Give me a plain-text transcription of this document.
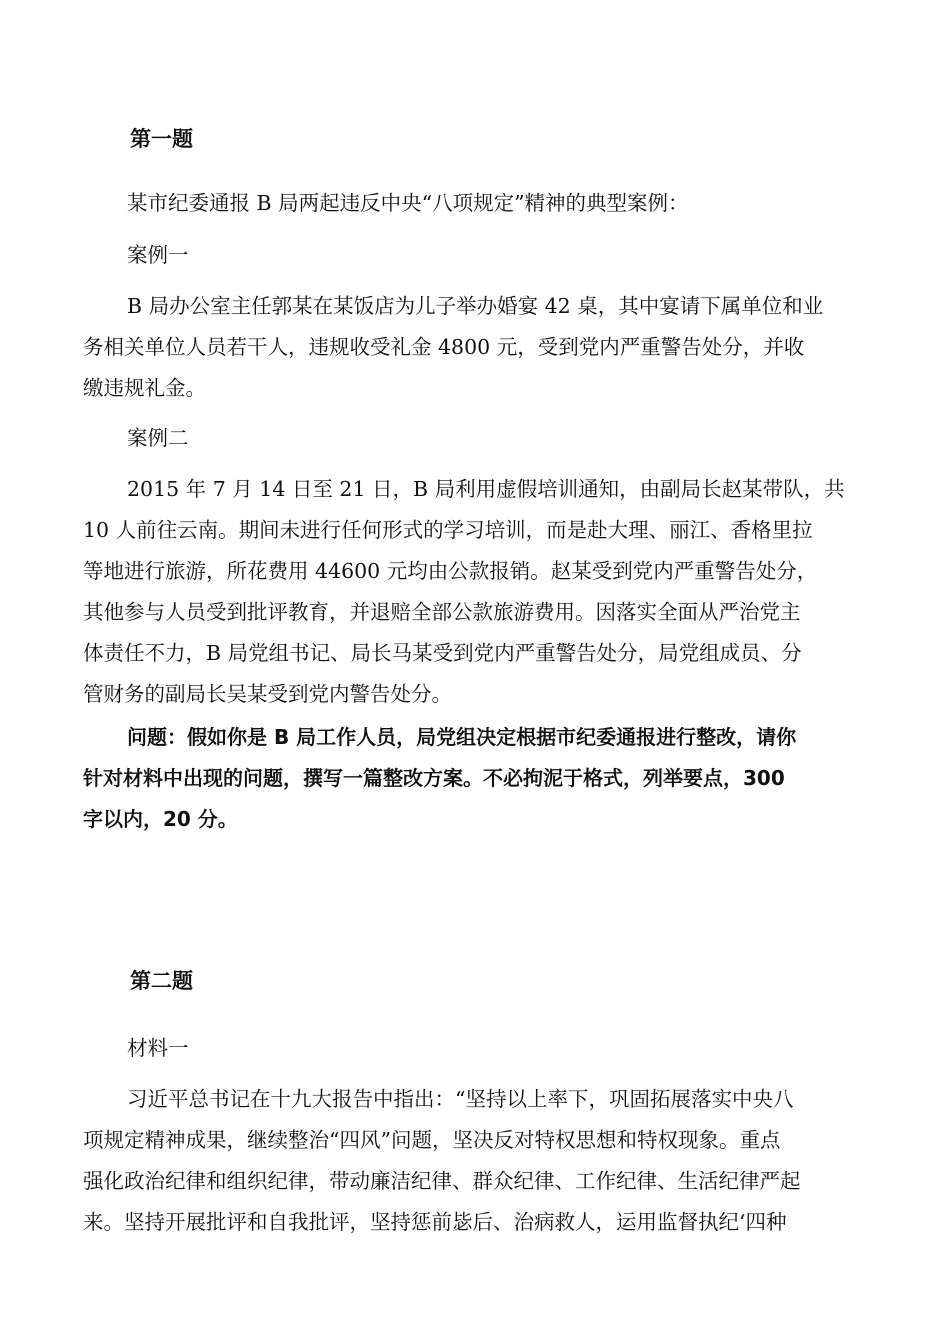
第一题

某市纪委通报 B 局两起违反中央“八项规定”精神的典型案例：

案例一

B 局办公室主任郭某在某饭店为儿子举办婚宴 42 桌，其中宴请下属单位和业

务相关单位人员若干人，违规收受礼金 4800 元，受到党内严重警告处分，并收

缴违规礼金。

案例二

2015 年 7 月 14 日至 21 日，B 局利用虚假培训通知，由副局长赵某带队，共

10 人前往云南。期间未进行任何形式的学习培训，而是赴大理、丽江、香格里拉

等地进行旅游，所花费用 44600 元均由公款报销。赵某受到党内严重警告处分，

其他参与人员受到批评教育，并退赔全部公款旅游费用。因落实全面从严治党主

体责任不力，B 局党组书记、局长马某受到党内严重警告处分，局党组成员、分

管财务的副局长吴某受到党内警告处分。

问题：假如你是 B 局工作人员，局党组决定根据市纪委通报进行整改，请你

针对材料中出现的问题，撰写一篇整改方案。不必拘泥于格式，列举要点，300

字以内，20 分。

第二题

材料一

习近平总书记在十九大报告中指出：“坚持以上率下，巩固拓展落实中央八

项规定精神成果，继续整治“四风”问题，坚决反对特权思想和特权现象。重点

强化政治纪律和组织纪律，带动廉洁纪律、群众纪律、工作纪律、生活纪律严起

来。坚持开展批评和自我批评，坚持惩前毖后、治病救人，运用监督执纪‘四种
